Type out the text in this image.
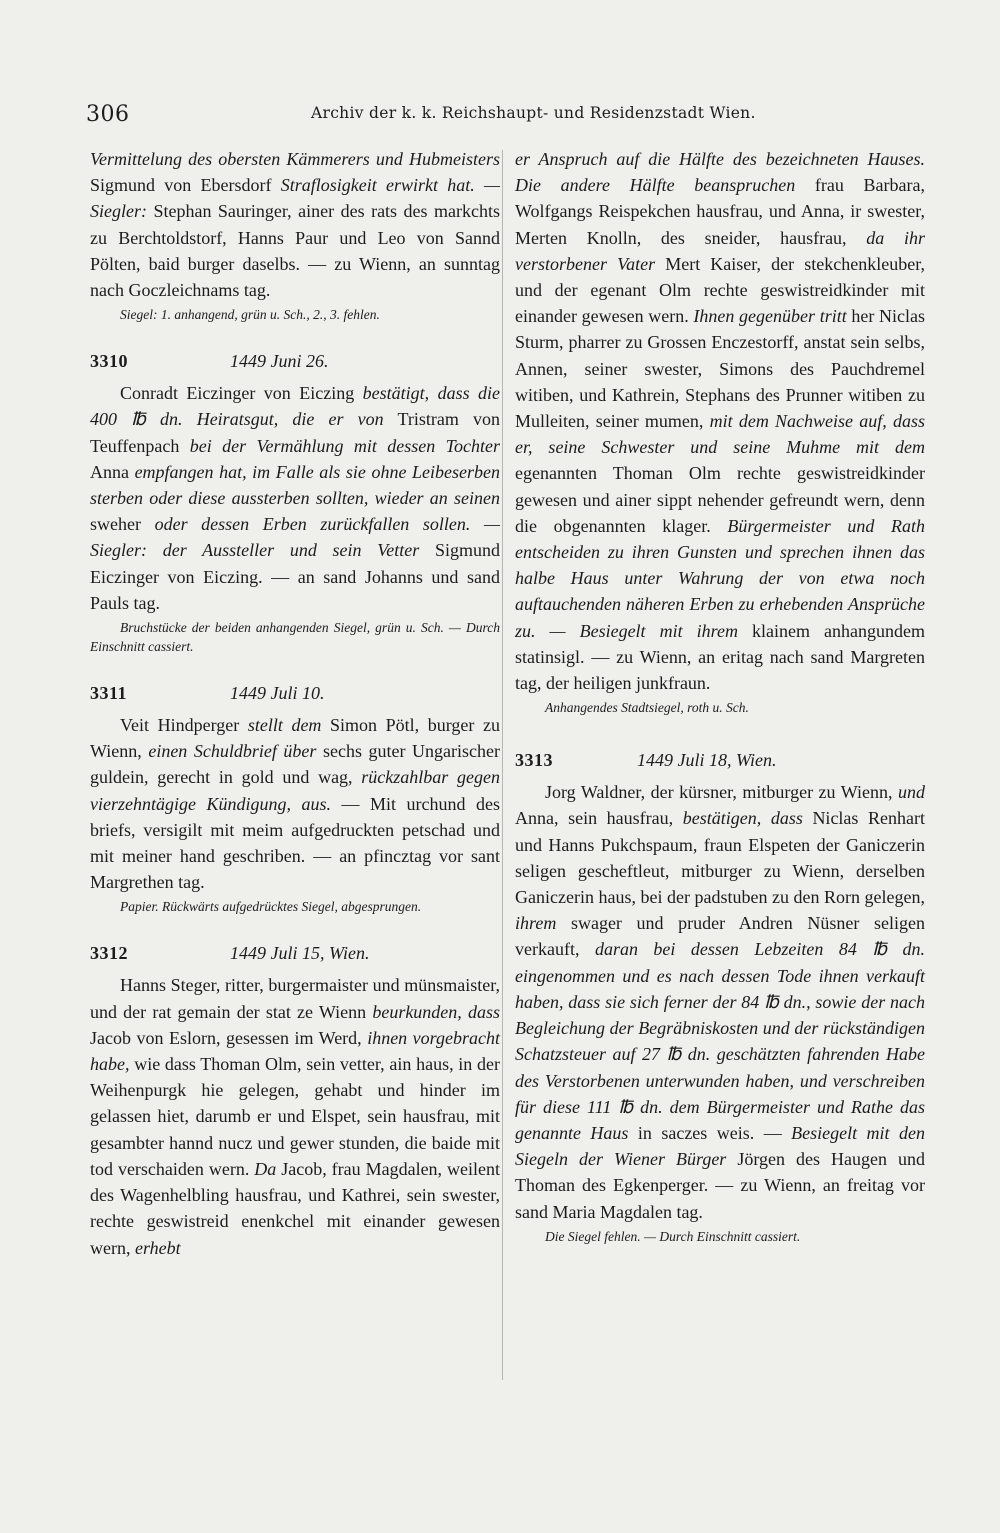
306	Archiv der k. k. Reichshaupt- und Residenzstadt Wien.

Vermittelung des obersten Kämmerers und Hubmeisters Sigmund von Ebersdorf Straflosigkeit erwirkt hat. — Siegler: Stephan Sauringer, ainer des rats des markchts zu Berchtoldstorf, Hanns Paur und Leo von Sannd Pölten, baid burger daselbs. — zu Wienn, an sunntag nach Goczleichnams tag.

Siegel: 1. anhangend, grün u. Sch., 2., 3. fehlen.

3310	1449 Juni 26.

Conradt Eiczinger von Eiczing bestätigt, dass die 400 ℔ dn. Heiratsgut, die er von Tristram von Teuffenpach bei der Vermählung mit dessen Tochter Anna empfangen hat, im Falle als sie ohne Leibeserben sterben oder diese aussterben sollten, wieder an seinen sweher oder dessen Erben zurückfallen sollen. — Siegler: der Aussteller und sein Vetter Sigmund Eiczinger von Eiczing. — an sand Johanns und sand Pauls tag.

Bruchstücke der beiden anhangenden Siegel, grün u. Sch. — Durch Einschnitt cassiert.

3311	1449 Juli 10.

Veit Hindperger stellt dem Simon Pötl, burger zu Wienn, einen Schuldbrief über sechs guter Ungarischer guldein, gerecht in gold und wag, rückzahlbar gegen vierzehntägige Kündigung, aus. — Mit urchund des briefs, versigilt mit meim aufgedruckten petschad und mit meiner hand geschriben. — an pfincztag vor sant Margrethen tag.

Papier. Rückwärts aufgedrücktes Siegel, abgesprungen.

3312	1449 Juli 15, Wien.

Hanns Steger, ritter, burgermaister und münsmaister, und der rat gemain der stat ze Wienn beurkunden, dass Jacob von Eslorn, gesessen im Werd, ihnen vorgebracht habe, wie dass Thoman Olm, sein vetter, ain haus, in der Weihenpurgk hie gelegen, gehabt und hinder im gelassen hiet, darumb er und Elspet, sein hausfrau, mit gesambter hannd nucz und gewer stunden, die baide mit tod verschaiden wern. Da Jacob, frau Magdalen, weilent des Wagenhelbling hausfrau, und Kathrei, sein swester, rechte geswistreid enenkchel mit einander gewesen wern, erhebt

er Anspruch auf die Hälfte des bezeichneten Hauses. Die andere Hälfte beanspruchen frau Barbara, Wolfgangs Reispekchen hausfrau, und Anna, ir swester, Merten Knolln, des sneider, hausfrau, da ihr verstorbener Vater Mert Kaiser, der stekchenkleuber, und der egenant Olm rechte geswistreidkinder mit einander gewesen wern. Ihnen gegenüber tritt her Niclas Sturm, pharrer zu Grossen Enczestorff, anstat sein selbs, Annen, seiner swester, Simons des Pauchdremel witiben, und Kathrein, Stephans des Prunner witiben zu Mulleiten, seiner mumen, mit dem Nachweise auf, dass er, seine Schwester und seine Muhme mit dem egenannten Thoman Olm rechte geswistreidkinder gewesen und ainer sippt nehender gefreundt wern, denn die obgenannten klager. Bürgermeister und Rath entscheiden zu ihren Gunsten und sprechen ihnen das halbe Haus unter Wahrung der von etwa noch auftauchenden näheren Erben zu erhebenden Ansprüche zu. — Besiegelt mit ihrem klainem anhangundem statinsigl. — zu Wienn, an eritag nach sand Margreten tag, der heiligen junkfraun.

Anhangendes Stadtsiegel, roth u. Sch.

3313	1449 Juli 18, Wien.

Jorg Waldner, der kürsner, mitburger zu Wienn, und Anna, sein hausfrau, bestätigen, dass Niclas Renhart und Hanns Pukchspaum, fraun Elspeten der Ganiczerin seligen gescheftleut, mitburger zu Wienn, derselben Ganiczerin haus, bei der padstuben zu den Rorn gelegen, ihrem swager und pruder Andren Nüsner seligen verkauft, daran bei dessen Lebzeiten 84 ℔ dn. eingenommen und es nach dessen Tode ihnen verkauft haben, dass sie sich ferner der 84 ℔ dn., sowie der nach Begleichung der Begräbniskosten und der rückständigen Schatzsteuer auf 27 ℔ dn. geschätzten fahrenden Habe des Verstorbenen unterwunden haben, und verschreiben für diese 111 ℔ dn. dem Bürgermeister und Rathe das genannte Haus in saczes weis. — Besiegelt mit den Siegeln der Wiener Bürger Jörgen des Haugen und Thoman des Egkenperger. — zu Wienn, an freitag vor sand Maria Magdalen tag.

Die Siegel fehlen. — Durch Einschnitt cassiert.
